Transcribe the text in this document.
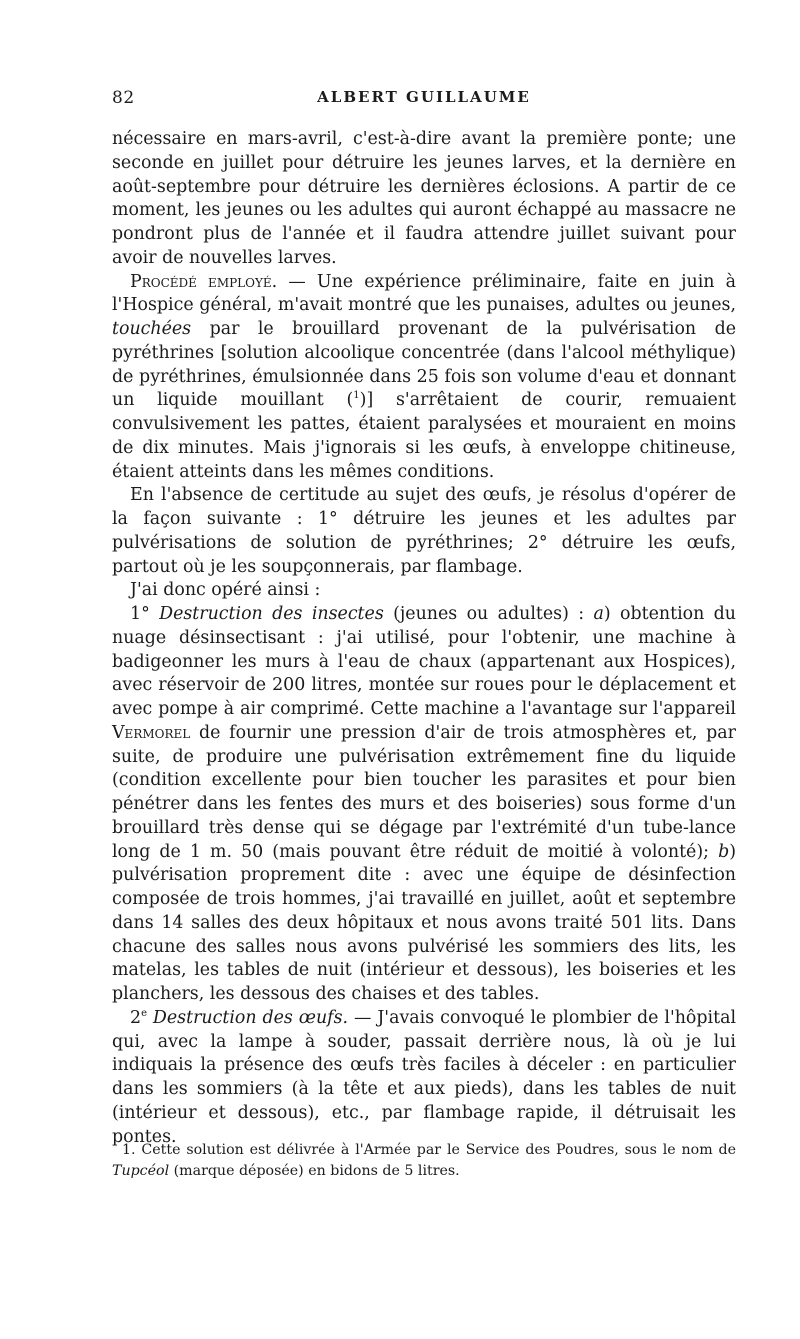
82	ALBERT GUILLAUME

nécessaire en mars-avril, c'est-à-dire avant la première ponte; une seconde en juillet pour détruire les jeunes larves, et la dernière en août-septembre pour détruire les dernières éclosions. A partir de ce moment, les jeunes ou les adultes qui auront échappé au massacre ne pondront plus de l'année et il faudra attendre juillet suivant pour avoir de nouvelles larves.

Procédé employé. — Une expérience préliminaire, faite en juin à l'Hospice général, m'avait montré que les punaises, adultes ou jeunes, touchées par le brouillard provenant de la pulvérisation de pyréthrines [solution alcoolique concentrée (dans l'alcool méthylique) de pyréthrines, émulsionnée dans 25 fois son volume d'eau et donnant un liquide mouillant ($^1$)] s'arrêtaient de courir, remuaient convulsivement les pattes, étaient paralysées et mouraient en moins de dix minutes. Mais j'ignorais si les œufs, à enveloppe chitineuse, étaient atteints dans les mêmes conditions.

En l'absence de certitude au sujet des œufs, je résolus d'opérer de la façon suivante : 1° détruire les jeunes et les adultes par pulvérisations de solution de pyréthrines; 2° détruire les œufs, partout où je les soupçonnerais, par flambage.

J'ai donc opéré ainsi :

1° Destruction des insectes (jeunes ou adultes) : a) obtention du nuage désinsectisant : j'ai utilisé, pour l'obtenir, une machine à badigeonner les murs à l'eau de chaux (appartenant aux Hospices), avec réservoir de 200 litres, montée sur roues pour le déplacement et avec pompe à air comprimé. Cette machine a l'avantage sur l'appareil Vermorel de fournir une pression d'air de trois atmosphères et, par suite, de produire une pulvérisation extrêmement fine du liquide (condition excellente pour bien toucher les parasites et pour bien pénétrer dans les fentes des murs et des boiseries) sous forme d'un brouillard très dense qui se dégage par l'extrémité d'un tube-lance long de 1 m. 50 (mais pouvant être réduit de moitié à volonté); b) pulvérisation proprement dite : avec une équipe de désinfection composée de trois hommes, j'ai travaillé en juillet, août et septembre dans 14 salles des deux hôpitaux et nous avons traité 501 lits. Dans chacune des salles nous avons pulvérisé les sommiers des lits, les matelas, les tables de nuit (intérieur et dessous), les boiseries et les planchers, les dessous des chaises et des tables.

2e Destruction des œufs. — J'avais convoqué le plombier de l'hôpital qui, avec la lampe à souder, passait derrière nous, là où je lui indiquais la présence des œufs très faciles à déceler : en particulier dans les sommiers (à la tête et aux pieds), dans les tables de nuit (intérieur et dessous), etc., par flambage rapide, il détruisait les pontes.

1. Cette solution est délivrée à l'Armée par le Service des Poudres, sous le nom de Tupcéol (marque déposée) en bidons de 5 litres.
